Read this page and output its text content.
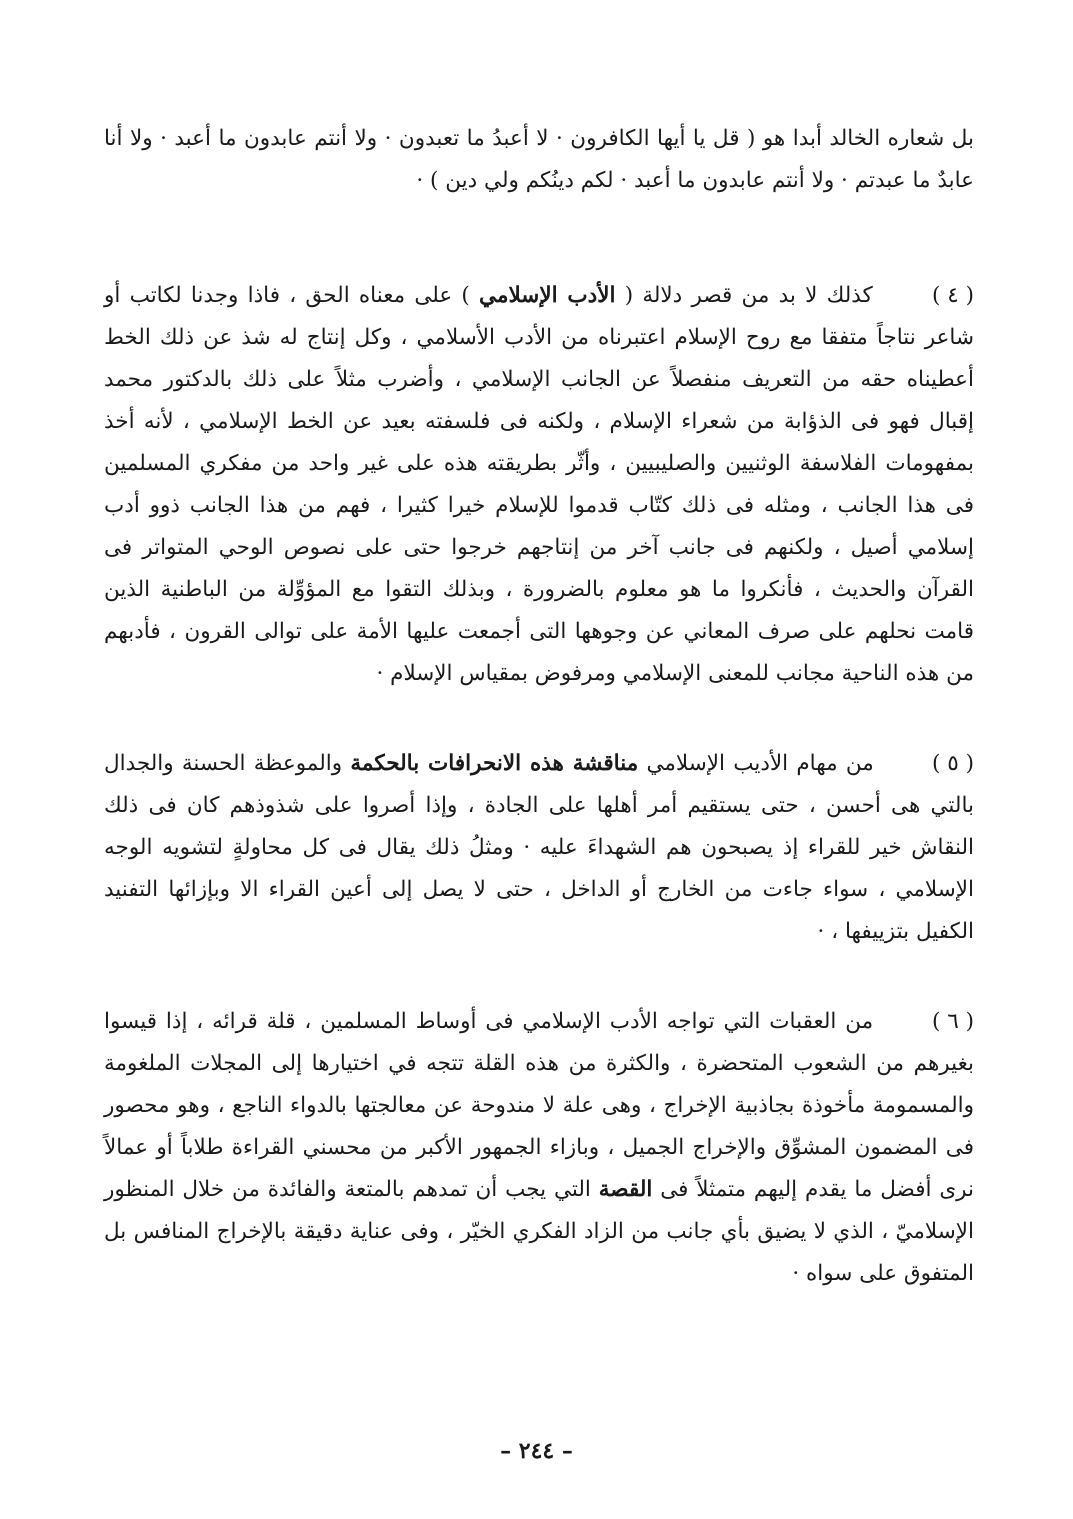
بل شعاره الخالد أبدا هو ( قل يا أيها الكافرون · لا أعبدُ ما تعبدون · ولا أنتم عابدون ما أعبد · ولا أنا عابدٌ ما عبدتم · ولا أنتم عابدون ما أعبد · لكم دينُكم ولي دين ) ·

( ٤ ) كذلك لا بد من قصر دلالة ( الأدب الإسلامي ) على معناه الحق ، فاذا وجدنا لكاتب أو شاعر نتاجاً متفقا مع روح الإسلام اعتبرناه من الأدب الأسلامي ، وكل إنتاج له شذ عن ذلك الخط أعطيناه حقه من التعريف منفصلاً عن الجانب الإسلامي ، وأضرب مثلاً على ذلك بالدكتور محمد إقبال فهو فى الذؤابة من شعراء الإسلام ، ولكنه فى فلسفته بعيد عن الخط الإسلامي ، لأنه أخذ بمفهومات الفلاسفة الوثنيين والصليبيين ، وأثّر بطريقته هذه على غير واحد من مفكري المسلمين فى هذا الجانب ، ومثله فى ذلك كتّاب قدموا للإسلام خيرا كثيرا ، فهم من هذا الجانب ذوو أدب إسلامي أصيل ، ولكنهم فى جانب آخر من إنتاجهم خرجوا حتى على نصوص الوحي المتواتر فى القرآن والحديث ، فأنكروا ما هو معلوم بالضرورة ، وبذلك التقوا مع المؤوِّلة من الباطنية الذين قامت نحلهم على صرف المعاني عن وجوهها التى أجمعت عليها الأمة على توالى القرون ، فأدبهم من هذه الناحية مجانب للمعنى الإسلامي ومرفوض بمقياس الإسلام ·

( ٥ ) من مهام الأديب الإسلامي مناقشة هذه الانحرافات بالحكمة والموعظة الحسنة والجدال بالتي هى أحسن ، حتى يستقيم أمر أهلها على الجادة ، وإذا أصروا على شذوذهم كان فى ذلك النقاش خير للقراء إذ يصبحون هم الشهداءَ عليه · ومثلُ ذلك يقال فى كل محاولةٍ لتشويه الوجه الإسلامي ، سواء جاءت من الخارج أو الداخل ، حتى لا يصل إلى أعين القراء الا وبإزائها التفنيد الكفيل بتزييفها ، ·

( ٦ ) من العقبات التي تواجه الأدب الإسلامي فى أوساط المسلمين ، قلة قرائه ، إذا قيسوا بغيرهم من الشعوب المتحضرة ، والكثرة من هذه القلة تتجه في اختيارها إلى المجلات الملغومة والمسمومة مأخوذة بجاذبية الإخراج ، وهى علة لا مندوحة عن معالجتها بالدواء الناجع ، وهو محصور فى المضمون المشوِّق والإخراج الجميل ، وبازاء الجمهور الأكبر من محسني القراءة طلاباً أو عمالاً نرى أفضل ما يقدم إليهم متمثلاً فى القصة التي يجب أن تمدهم بالمتعة والفائدة من خلال المنظور الإسلاميّ ، الذي لا يضيق بأي جانب من الزاد الفكري الخيّر ، وفى عناية دقيقة بالإخراج المنافس بل المتفوق على سواه ·

– ٢٤٤ –
